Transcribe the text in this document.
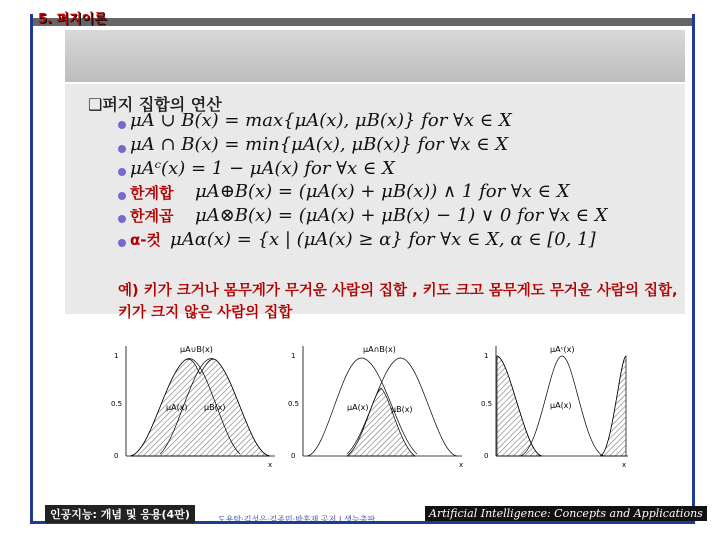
5. 퍼지이론
❑퍼지 집합의 연산
μA ∪ B(x) = max{μA(x), μB(x)} for ∀x ∈ X
μA ∩ B(x) = min{μA(x), μB(x)} for ∀x ∈ X
μAᶜ(x) = 1 − μA(x) for ∀x ∈ X
한계합 μA⊕B(x) = (μA(x) + μB(x)) ∧ 1 for ∀x ∈ X
한계곱 μA⊗B(x) = (μA(x) + μB(x) − 1) ∨ 0 for ∀x ∈ X
α-컷 μAα(x) = {x | (μA(x) ≥ α} for ∀x ∈ X, α ∈ [0, 1]
예) 키가 크거나 몸무게가 무거운 사람의 집합 , 키도 크고 몸무게도 무거운 사람의 집합, 키가 크지 않은 사람의 집합
1
0.5
0
μA∪B(x)
μA(x) μB(x)
x
1
0.5
0
μA∩B(x)
μA(x)	μB(x)
x
1
0.5
0
μAᶜ(x)
μA(x)
x
인공지능: 개념 및 응용(4판)	도용탁·김성은·김종민·박홍재 공저 | 생능출판	Artificial Intelligence: Concepts and Applications
